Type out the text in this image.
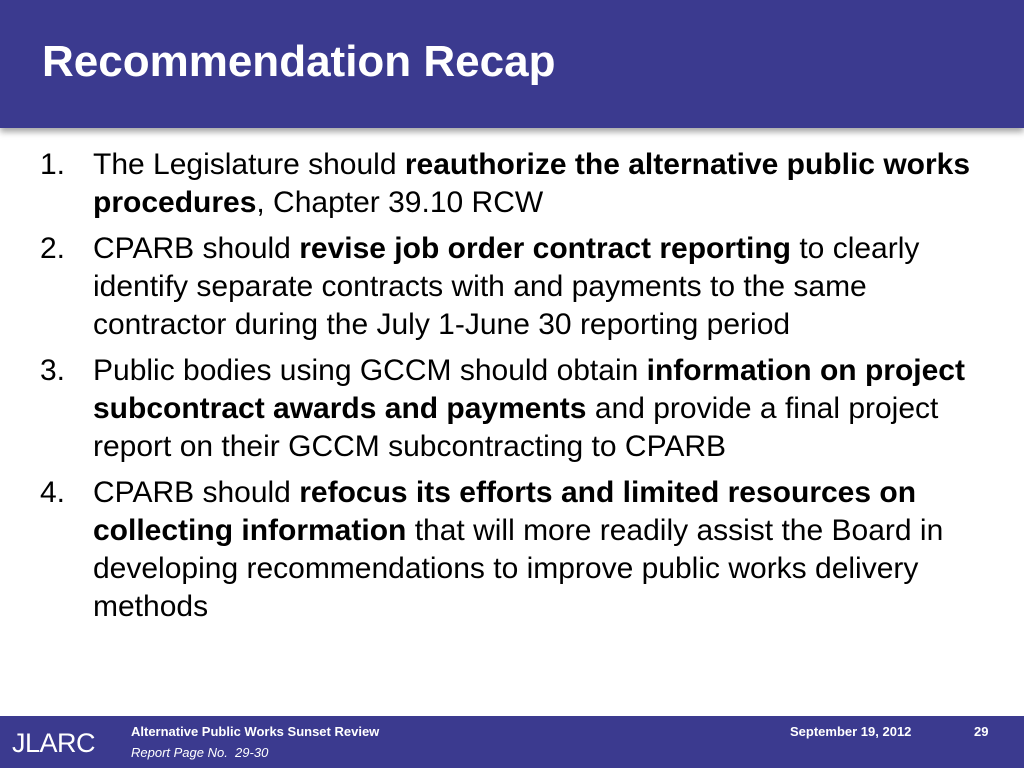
Recommendation Recap
1. The Legislature should reauthorize the alternative public works procedures, Chapter 39.10 RCW
2. CPARB should revise job order contract reporting to clearly identify separate contracts with and payments to the same contractor during the July 1-June 30 reporting period
3. Public bodies using GCCM should obtain information on project subcontract awards and payments and provide a final project report on their GCCM subcontracting to CPARB
4. CPARB should refocus its efforts and limited resources on collecting information that will more readily assist the Board in developing recommendations to improve public works delivery methods
JLARC	Alternative Public Works Sunset Review
Report Page No.  29-30
September 19, 2012	29
